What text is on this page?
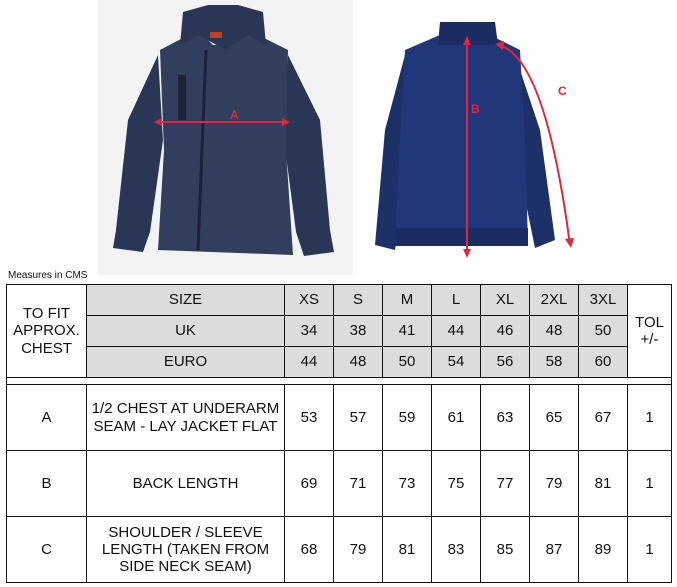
A	B
C
Measures in CMS
TO FIT APPROX. CHEST	SIZE	XS	S	M	L	XL	2XL	3XL	TOL +/-
	UK	34	38	41	44	46	48	50	
	EURO	44	48	50	54	56	58	60	

A	1/2 CHEST AT UNDERARM SEAM - LAY JACKET FLAT	53	57	59	61	63	65	67	1
B	BACK LENGTH	69	71	73	75	77	79	81	1
C	SHOULDER / SLEEVE LENGTH (TAKEN FROM SIDE NECK SEAM)	68	79	81	83	85	87	89	1
